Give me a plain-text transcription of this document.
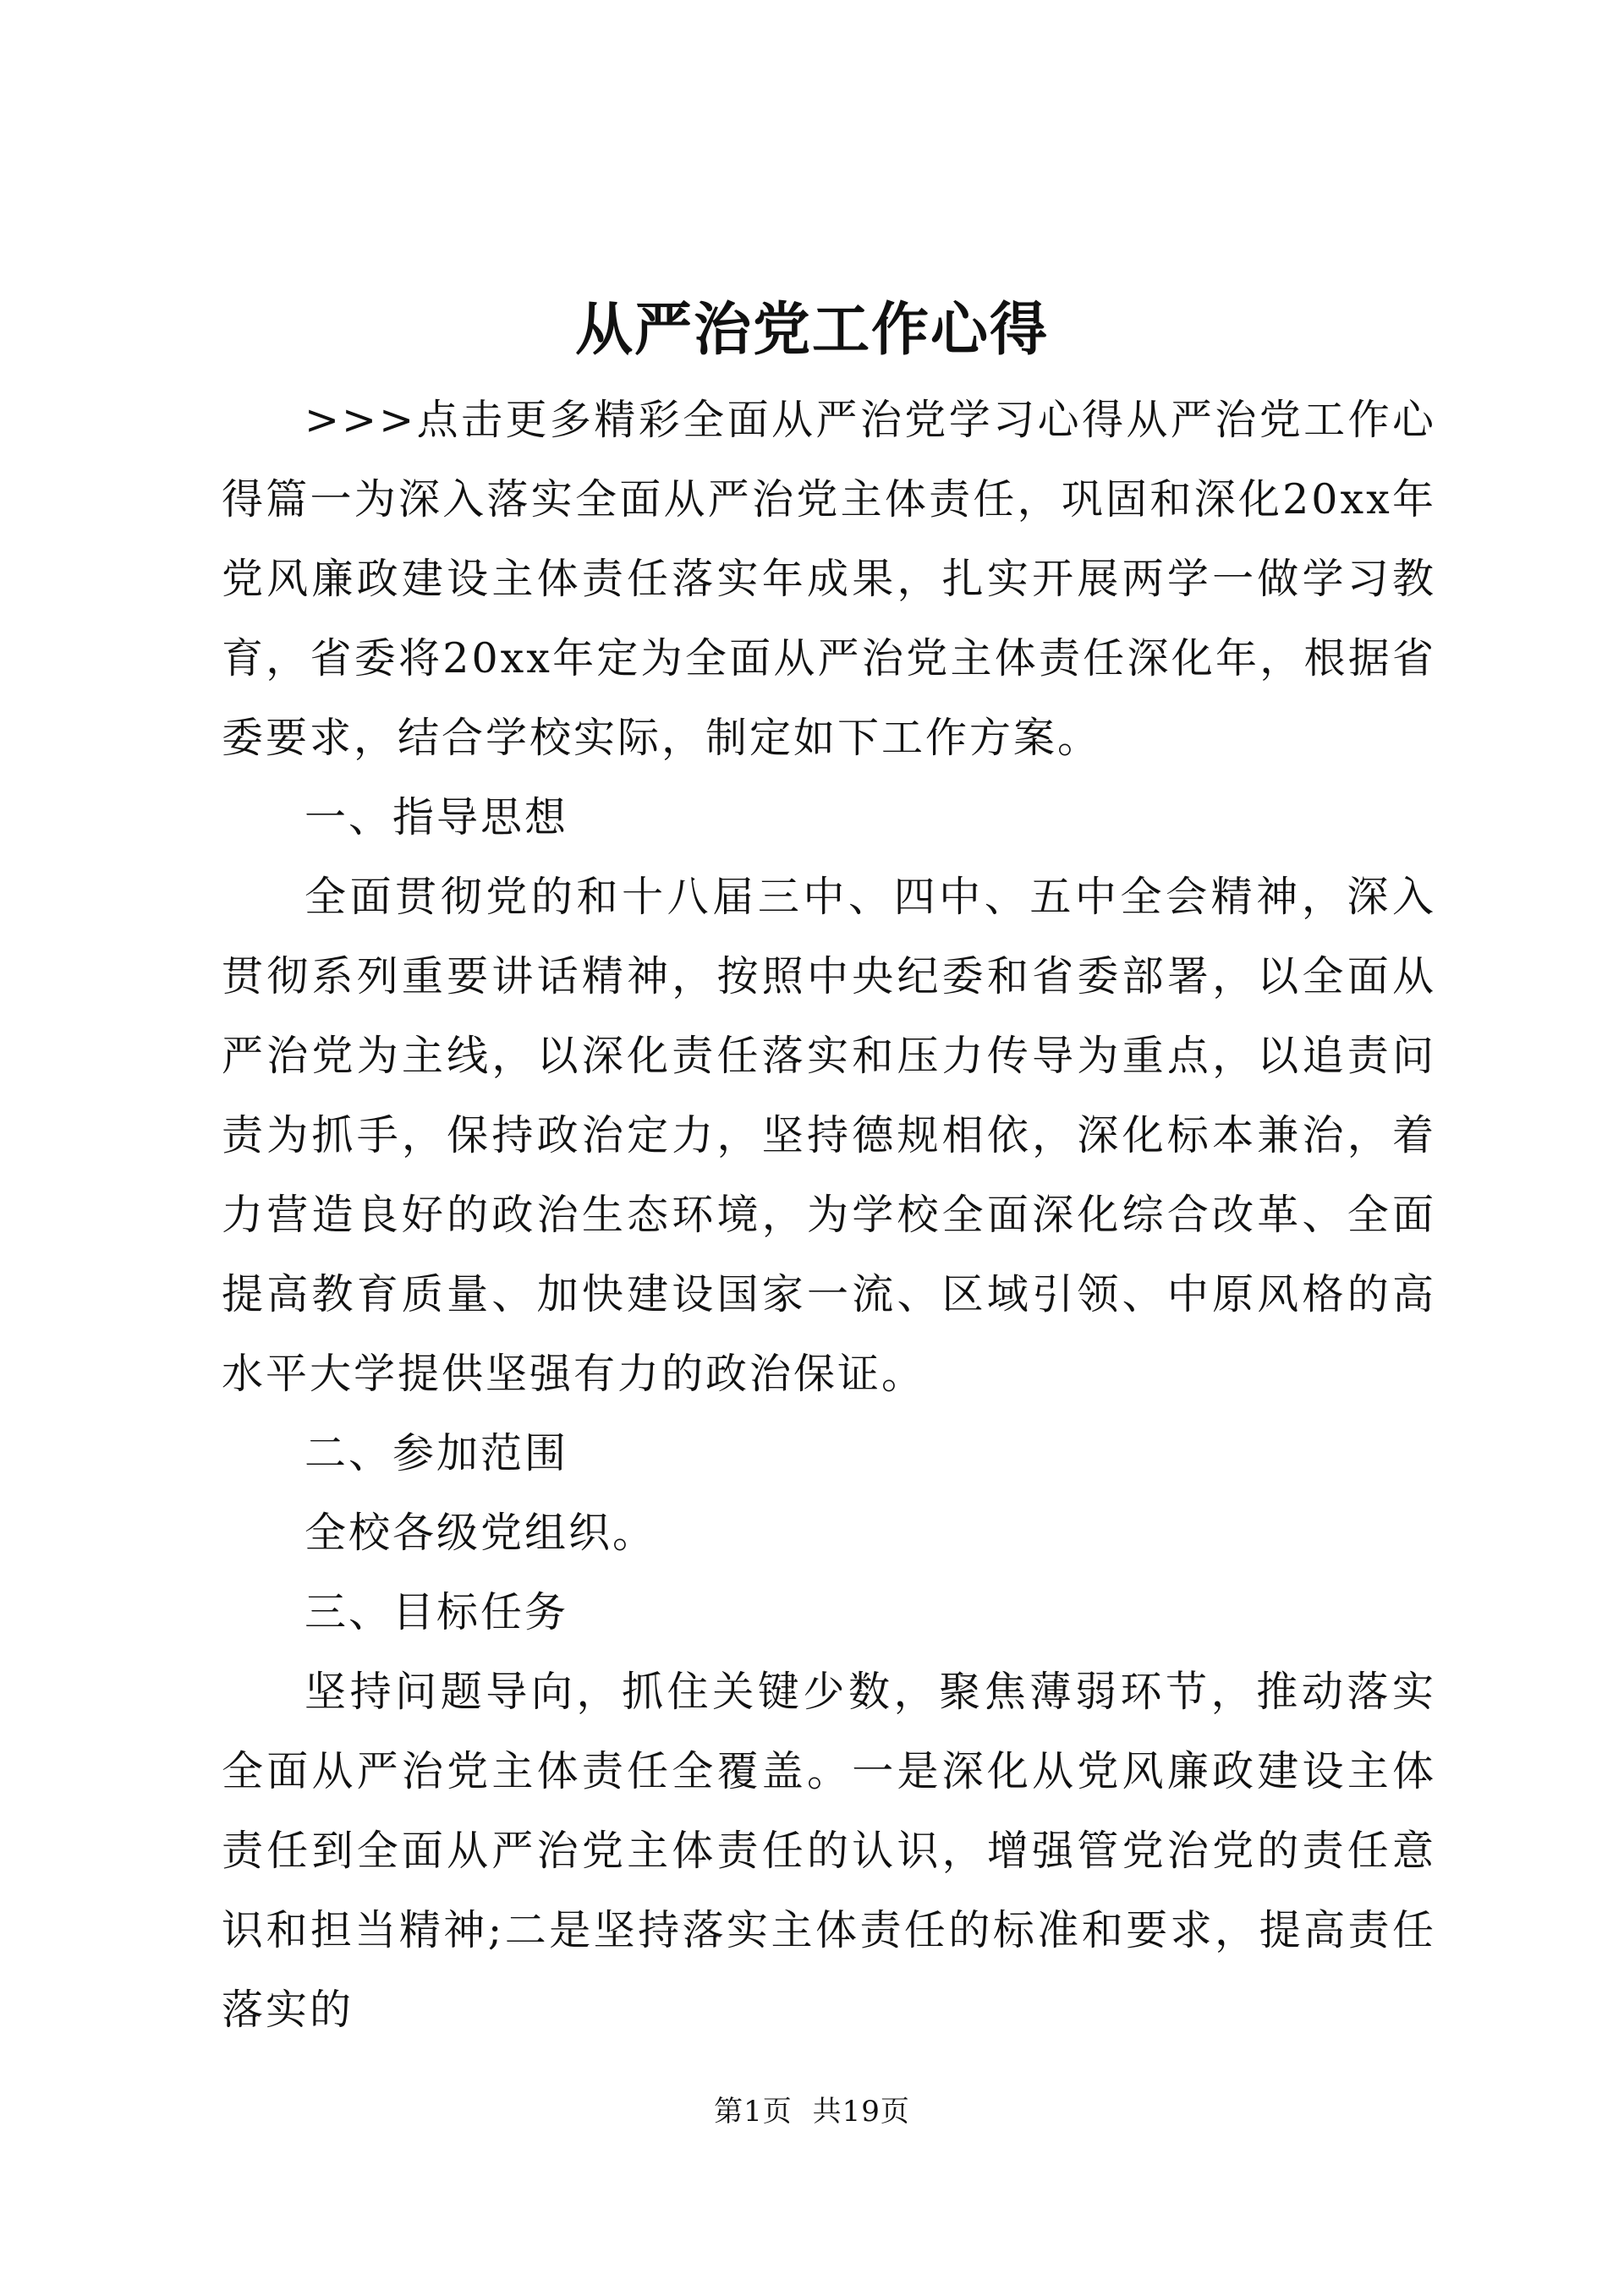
从严治党工作心得

>>>点击更多精彩全面从严治党学习心得从严治党工作心得篇一为深入落实全面从严治党主体责任，巩固和深化20xx年党风廉政建设主体责任落实年成果，扎实开展两学一做学习教育，省委将20xx年定为全面从严治党主体责任深化年，根据省委要求，结合学校实际，制定如下工作方案。

一、指导思想

全面贯彻党的和十八届三中、四中、五中全会精神，深入贯彻系列重要讲话精神，按照中央纪委和省委部署，以全面从严治党为主线，以深化责任落实和压力传导为重点，以追责问责为抓手，保持政治定力，坚持德规相依，深化标本兼治，着力营造良好的政治生态环境，为学校全面深化综合改革、全面提高教育质量、加快建设国家一流、区域引领、中原风格的高水平大学提供坚强有力的政治保证。

二、参加范围

全校各级党组织。

三、目标任务

坚持问题导向，抓住关键少数，聚焦薄弱环节，推动落实全面从严治党主体责任全覆盖。一是深化从党风廉政建设主体责任到全面从严治党主体责任的认识，增强管党治党的责任意识和担当精神;二是坚持落实主体责任的标准和要求，提高责任落实的

第1页 共19页
